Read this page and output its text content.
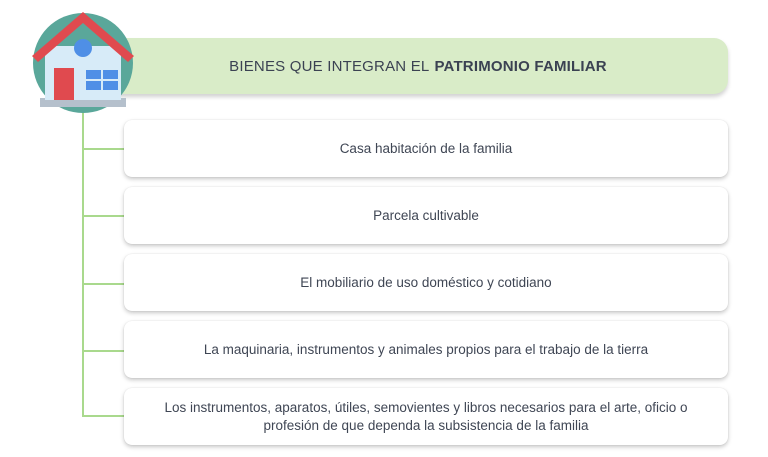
BIENES QUE INTEGRAN EL PATRIMONIO FAMILIAR
Casa habitación de la familia
Parcela cultivable
El mobiliario de uso doméstico y cotidiano
La maquinaria, instrumentos y animales propios para el trabajo de la tierra
Los instrumentos, aparatos, útiles, semovientes y libros necesarios para el arte, oficio o profesión de que dependa la subsistencia de la familia
